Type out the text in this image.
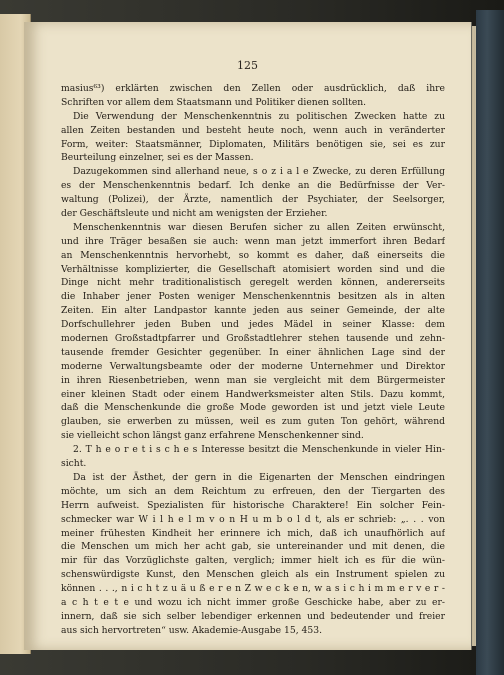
125
masius⁶³) erklärten zwischen den Zellen oder ausdrücklich, daß ihre
Schriften vor allem dem Staatsmann und Politiker dienen sollten.
Die Verwendung der Menschenkenntnis zu politischen Zwecken hatte zu
allen Zeiten bestanden und besteht heute noch, wenn auch in veränderter
Form, weiter: Staatsmänner, Diplomaten, Militärs benötigen sie, sei es zur
Beurteilung einzelner, sei es der Massen.
Dazugekommen sind allerhand neue, s o z i a l e Zwecke, zu deren Erfüllung
es der Menschenkenntnis bedarf. Ich denke an die Bedürfnisse der Ver-
waltung (Polizei), der Ärzte, namentlich der Psychiater, der Seelsorger,
der Geschäftsleute und nicht am wenigsten der Erzieher.
Menschenkenntnis war diesen Berufen sicher zu allen Zeiten erwünscht,
und ihre Träger besaßen sie auch: wenn man jetzt immerfort ihren Bedarf
an Menschenkenntnis hervorhebt, so kommt es daher, daß einerseits die
Verhältnisse komplizierter, die Gesellschaft atomisiert worden sind und die
Dinge nicht mehr traditionalistisch geregelt werden können, andererseits
die Inhaber jener Posten weniger Menschenkenntnis besitzen als in alten
Zeiten. Ein alter Landpastor kannte jeden aus seiner Gemeinde, der alte
Dorfschullehrer jeden Buben und jedes Mädel in seiner Klasse: dem
modernen Großstadtpfarrer und Großstadtlehrer stehen tausende und zehn-
tausende fremder Gesichter gegenüber. In einer ähnlichen Lage sind der
moderne Verwaltungsbeamte oder der moderne Unternehmer und Direktor
in ihren Riesenbetrieben, wenn man sie vergleicht mit dem Bürgermeister
einer kleinen Stadt oder einem Handwerksmeister alten Stils. Dazu kommt,
daß die Menschenkunde die große Mode geworden ist und jetzt viele Leute
glauben, sie erwerben zu müssen, weil es zum guten Ton gehört, während
sie vielleicht schon längst ganz erfahrene Menschenkenner sind.
2. T h e o r e t i s c h e s Interesse besitzt die Menschenkunde in vieler Hin-
sicht.
Da ist der Ästhet, der gern in die Eigenarten der Menschen eindringen
möchte, um sich an dem Reichtum zu erfreuen, den der Tiergarten des
Herrn aufweist. Spezialisten für historische Charaktere! Ein solcher Fein-
schmecker war W i l h e l m v o n H u m b o l d t, als er schrieb: „. . . von
meiner frühesten Kindheit her erinnere ich mich, daß ich unaufhörlich auf
die Menschen um mich her acht gab, sie untereinander und mit denen, die
mir für das Vorzüglichste galten, verglich; immer hielt ich es für die wün-
schenswürdigste Kunst, den Menschen gleich als ein Instrument spielen zu
können . . ., n i c h t z u ä u ß e r e n Z w e c k e n, w a s i c h i m m e r v e r -
a c h t e t e und wozu ich nicht immer große Geschicke habe, aber zu er-
innern, daß sie sich selber lebendiger erkennen und bedeutender und freier
aus sich hervortreten“ usw. Akademie-Ausgabe 15, 453.
